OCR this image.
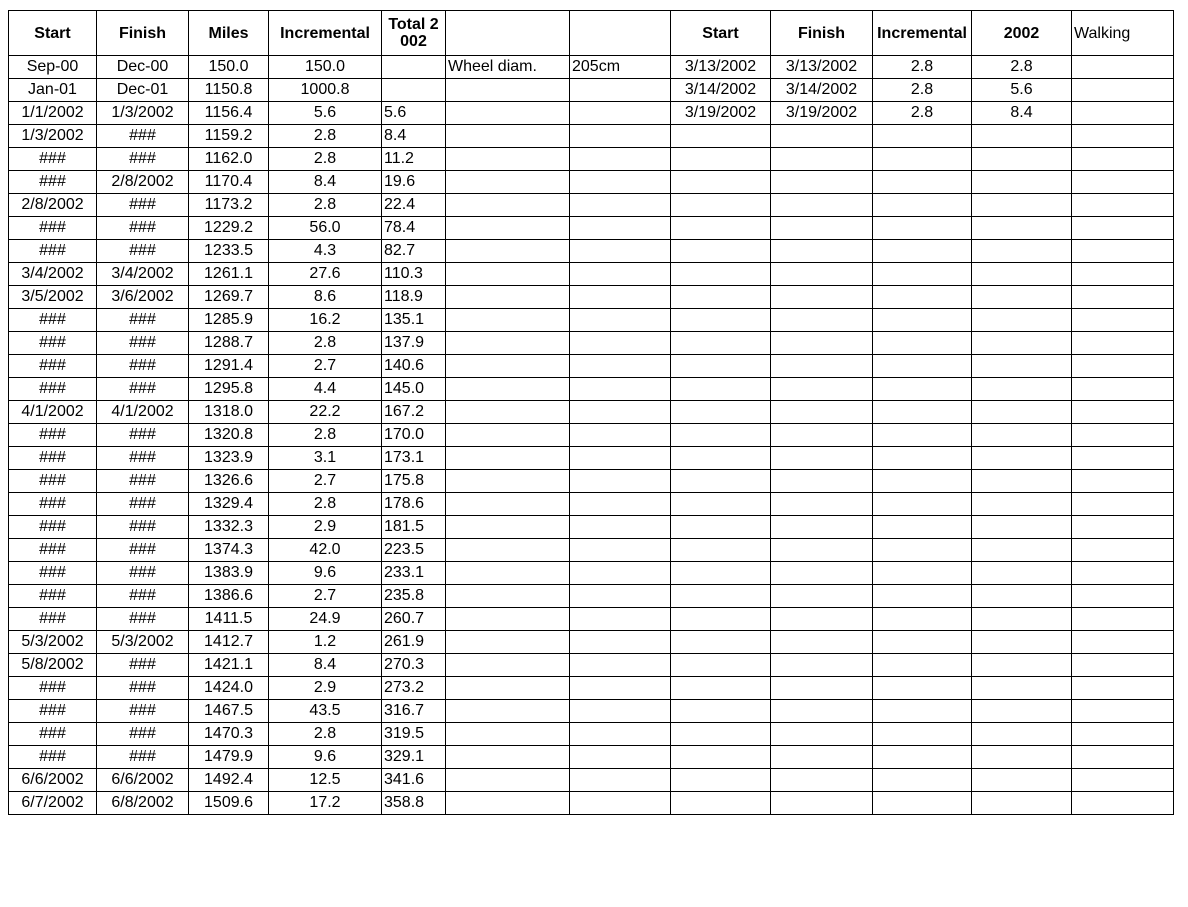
Start	Finish	Miles	Incremental	Total 2002			Start	Finish	Incremental	2002	Walking
Sep-00	Dec-00	150.0	150.0		Wheel diam.	205cm	3/13/2002	3/13/2002	2.8	2.8	
Jan-01	Dec-01	1150.8	1000.8				3/14/2002	3/14/2002	2.8	5.6	
1/1/2002	1/3/2002	1156.4	5.6	5.6			3/19/2002	3/19/2002	2.8	8.4	
1/3/2002	###	1159.2	2.8	8.4							
###	###	1162.0	2.8	11.2							
###	2/8/2002	1170.4	8.4	19.6							
2/8/2002	###	1173.2	2.8	22.4							
###	###	1229.2	56.0	78.4							
###	###	1233.5	4.3	82.7							
3/4/2002	3/4/2002	1261.1	27.6	110.3							
3/5/2002	3/6/2002	1269.7	8.6	118.9							
###	###	1285.9	16.2	135.1							
###	###	1288.7	2.8	137.9							
###	###	1291.4	2.7	140.6							
###	###	1295.8	4.4	145.0							
4/1/2002	4/1/2002	1318.0	22.2	167.2							
###	###	1320.8	2.8	170.0							
###	###	1323.9	3.1	173.1							
###	###	1326.6	2.7	175.8							
###	###	1329.4	2.8	178.6							
###	###	1332.3	2.9	181.5							
###	###	1374.3	42.0	223.5							
###	###	1383.9	9.6	233.1							
###	###	1386.6	2.7	235.8							
###	###	1411.5	24.9	260.7							
5/3/2002	5/3/2002	1412.7	1.2	261.9							
5/8/2002	###	1421.1	8.4	270.3							
###	###	1424.0	2.9	273.2							
###	###	1467.5	43.5	316.7							
###	###	1470.3	2.8	319.5							
###	###	1479.9	9.6	329.1							
6/6/2002	6/6/2002	1492.4	12.5	341.6							
6/7/2002	6/8/2002	1509.6	17.2	358.8							
